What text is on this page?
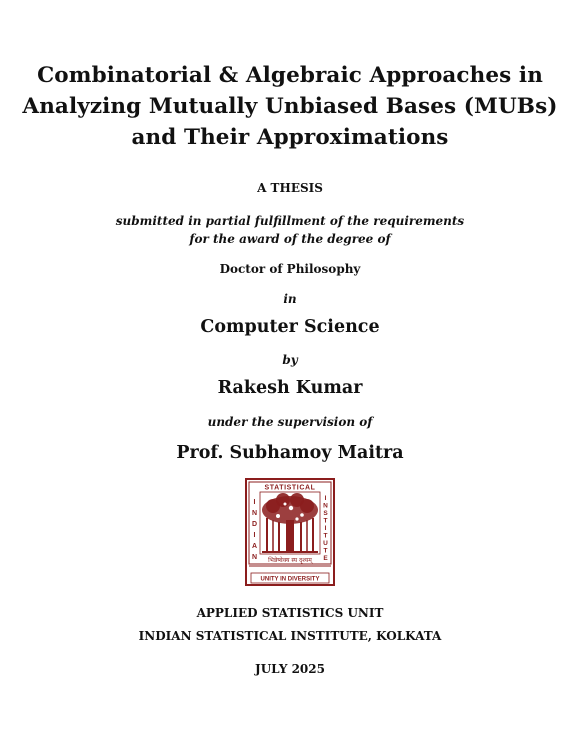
Combinatorial & Algebraic Approaches in
Analyzing Mutually Unbiased Bases (MUBs)
and Their Approximations
A THESIS
submitted in partial fulfillment of the requirements
for the award of the degree of
Doctor of Philosophy
in
Computer Science
by
Rakesh Kumar
under the supervision of
Prof. Subhamoy Maitra
STATISTICAL
I
N
D
I
A
N
I
N
S
T
I
T
U
T
E
भिन्नेष्वेक्य स्य दृश्यम्
UNITY IN DIVERSITY
APPLIED STATISTICS UNIT
INDIAN STATISTICAL INSTITUTE, KOLKATA
JULY 2025
